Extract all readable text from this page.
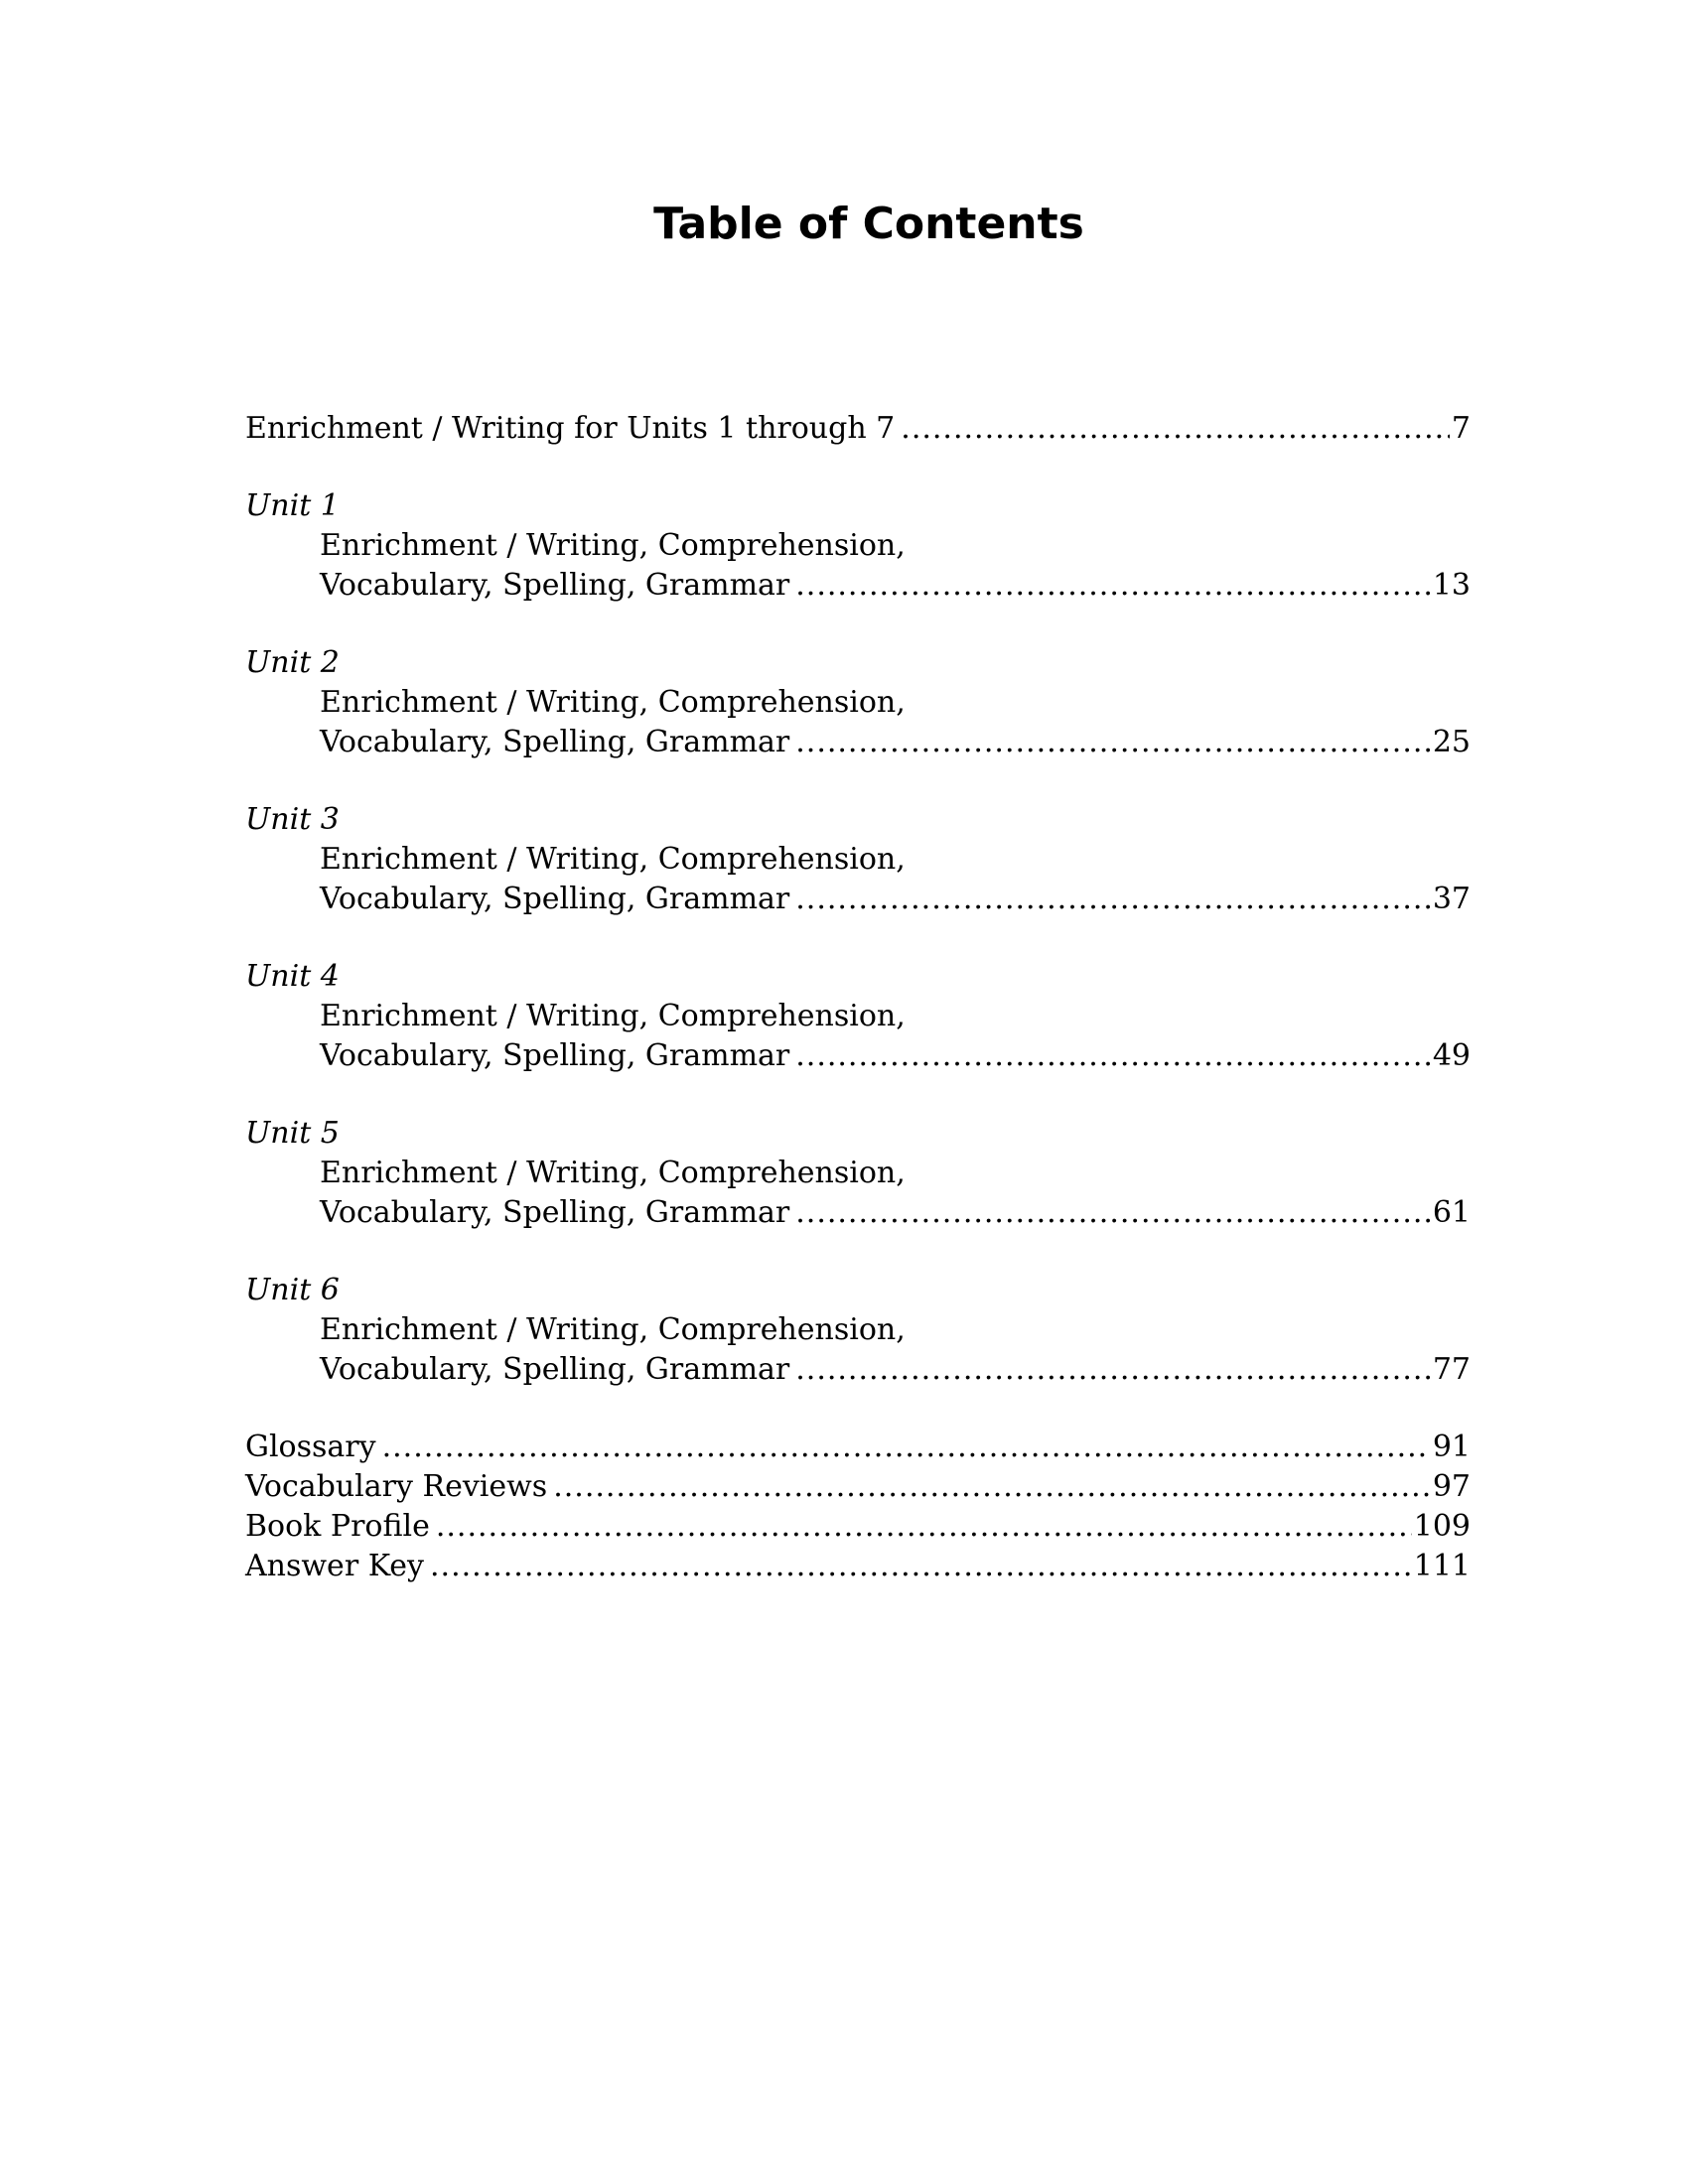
Table of Contents
Enrichment / Writing for Units 1 through 7 .....	7
Unit 1
Enrichment / Writing, Comprehension,
Vocabulary, Spelling, Grammar .....	13
Unit 2
Enrichment / Writing, Comprehension,
Vocabulary, Spelling, Grammar .....	25
Unit 3
Enrichment / Writing, Comprehension,
Vocabulary, Spelling, Grammar .....	37
Unit 4
Enrichment / Writing, Comprehension,
Vocabulary, Spelling, Grammar .....	49
Unit 5
Enrichment / Writing, Comprehension,
Vocabulary, Spelling, Grammar .....	61
Unit 6
Enrichment / Writing, Comprehension,
Vocabulary, Spelling, Grammar .....	77
Glossary .....	91
Vocabulary Reviews .....	97
Book Profile .....	109
Answer Key .....	111
